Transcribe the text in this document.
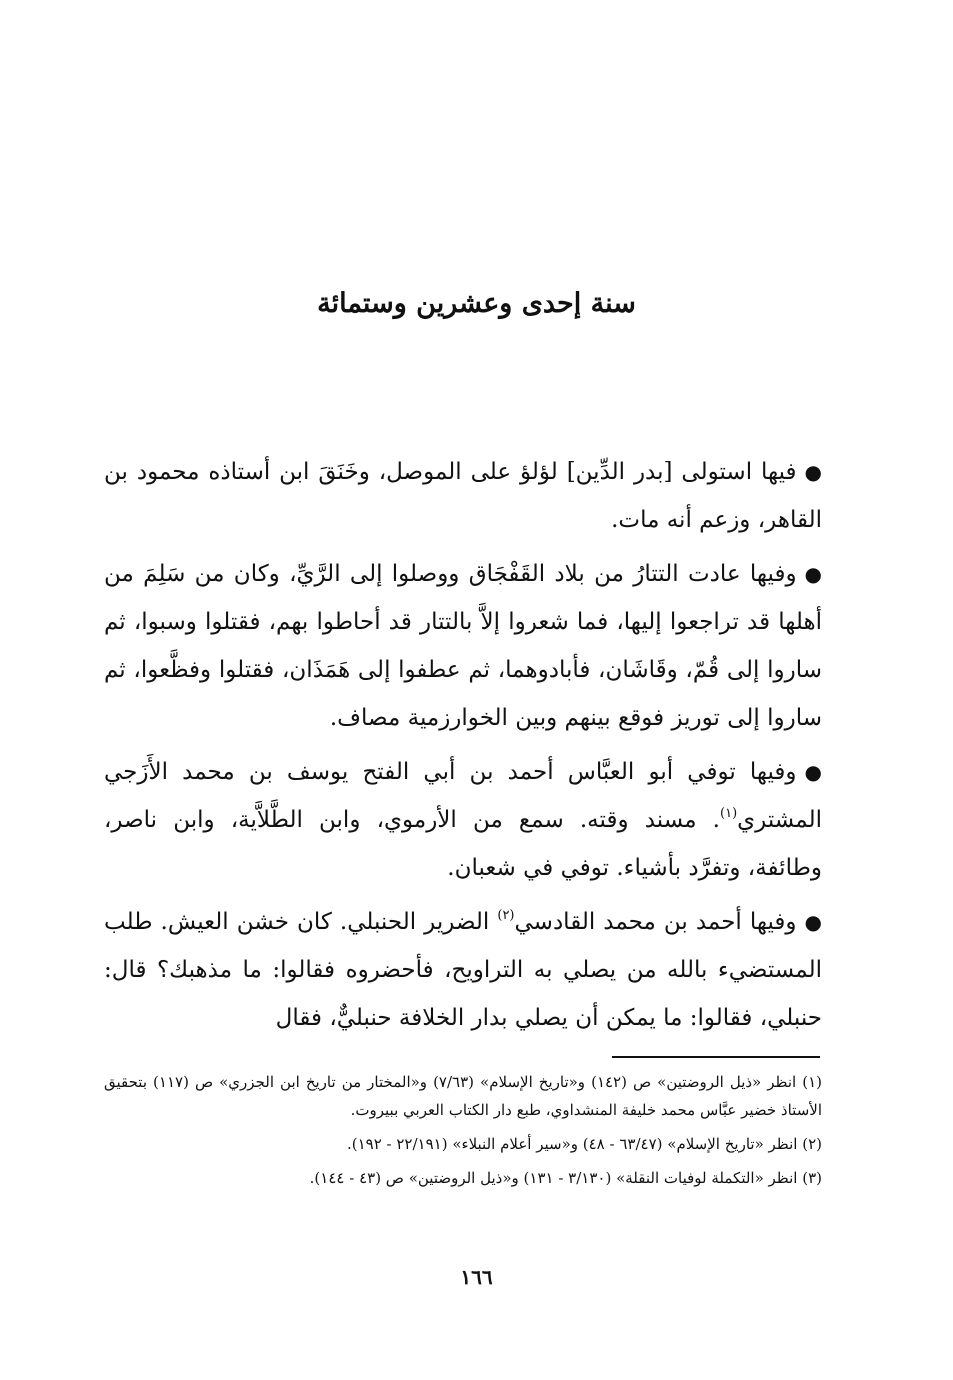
سنة إحدى وعشرين وستمائة

●فيها استولى [بدر الدِّين] لؤلؤ على الموصل، وخَنَقَ ابن أستاذه محمود بن القاهر، وزعم أنه مات.

●وفيها عادت التتارُ من بلاد القَفْجَاق ووصلوا إلى الرَّيِّ، وكان من سَلِمَ من أهلها قد تراجعوا إليها، فما شعروا إلاَّ بالتتار قد أحاطوا بهم، فقتلوا وسبوا، ثم ساروا إلى قُمّ، وقَاشَان، فأبادوهما، ثم عطفوا إلى هَمَذَان، فقتلوا وفظَّعوا، ثم ساروا إلى توريز فوقع بينهم وبين الخوارزمية مصاف.

●وفيها توفي أبو العبَّاس أحمد بن أبي الفتح يوسف بن محمد الأَزَجي المشتري$^{(١)}$. مسند وقته. سمع من الأرموي، وابن الطَّلاَّية، وابن ناصر، وطائفة، وتفرَّد بأشياء. توفي في شعبان.

●وفيها أحمد بن محمد القادسي$^{(٢)}$ الضرير الحنبلي. كان خشن العيش. طلب المستضيء بالله من يصلي به التراويح، فأحضروه فقالوا: ما مذهبك؟ قال: حنبلي، فقالوا: ما يمكن أن يصلي بدار الخلافة حنبليٌّ، فقال

(١) انظر «ذيل الروضتين» ص (١٤٢) و«تاريخ الإسلام» (٧/٦٣) و«المختار من تاريخ ابن الجزري» ص (١١٧) بتحقيق الأستاذ خضير عبَّاس محمد خليفة المنشداوي، طبع دار الكتاب العربي ببيروت.

(٢) انظر «تاريخ الإسلام» (٦٣/٤٧ - ٤٨) و«سير أعلام النبلاء» (٢٢/١٩١ - ١٩٢).

(٣) انظر «التكملة لوفيات النقلة» (٣/١٣٠ - ١٣١) و«ذيل الروضتين» ص (٤٣ - ١٤٤).

١٦٦
